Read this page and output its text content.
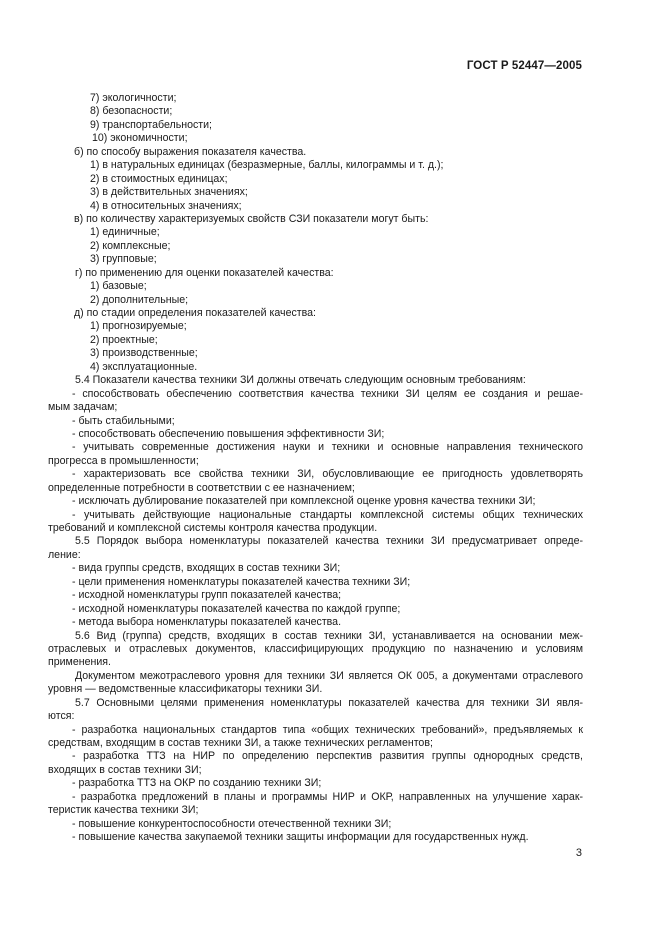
ГОСТ Р 52447—2005
7) экологичности;
8) безопасности;
9) транспортабельности;
10) экономичности;
б) по способу выражения показателя качества.
1) в натуральных единицах (безразмерные, баллы, килограммы и т. д.);
2) в стоимостных единицах;
3) в действительных значениях;
4) в относительных значениях;
в) по количеству характеризуемых свойств СЗИ показатели могут быть:
1) единичные;
2) комплексные;
3) групповые;
г) по применению для оценки показателей качества:
1) базовые;
2) дополнительные;
д) по стадии определения показателей качества:
1) прогнозируемые;
2) проектные;
3) производственные;
4) эксплуатационные.
5.4 Показатели качества техники ЗИ должны отвечать следующим основным требованиям:
- способствовать обеспечению соответствия качества техники ЗИ целям ее создания и решае-
мым задачам;
- быть стабильными;
- способствовать обеспечению повышения эффективности ЗИ;
- учитывать современные достижения науки и техники и основные направления технического
прогресса в промышленности;
- характеризовать все свойства техники ЗИ, обусловливающие ее пригодность удовлетворять
определенные потребности в соответствии с ее назначением;
- исключать дублирование показателей при комплексной оценке уровня качества техники ЗИ;
- учитывать действующие национальные стандарты комплексной системы общих технических
требований и комплексной системы контроля качества продукции.
5.5 Порядок выбора номенклатуры показателей качества техники ЗИ предусматривает опреде-
ление:
- вида группы средств, входящих в состав техники ЗИ;
- цели применения номенклатуры показателей качества техники ЗИ;
- исходной номенклатуры групп показателей качества;
- исходной номенклатуры показателей качества по каждой группе;
- метода выбора номенклатуры показателей качества.
5.6 Вид (группа) средств, входящих в состав техники ЗИ, устанавливается на основании меж-
отраслевых и отраслевых документов, классифицирующих продукцию по назначению и условиям
применения.
Документом межотраслевого уровня для техники ЗИ является ОК 005, а документами отраслевого
уровня — ведомственные классификаторы техники ЗИ.
5.7 Основными целями применения номенклатуры показателей качества для техники ЗИ явля-
ются:
- разработка национальных стандартов типа «общих технических требований», предъявляемых к
средствам, входящим в состав техники ЗИ, а также технических регламентов;
- разработка ТТЗ на НИР по определению перспектив развития группы однородных средств,
входящих в состав техники ЗИ;
- разработка ТТЗ на ОКР по созданию техники ЗИ;
- разработка предложений в планы и программы НИР и ОКР, направленных на улучшение харак-
теристик качества техники ЗИ;
- повышение конкурентоспособности отечественной техники ЗИ;
- повышение качества закупаемой техники защиты информации для государственных нужд.
3
